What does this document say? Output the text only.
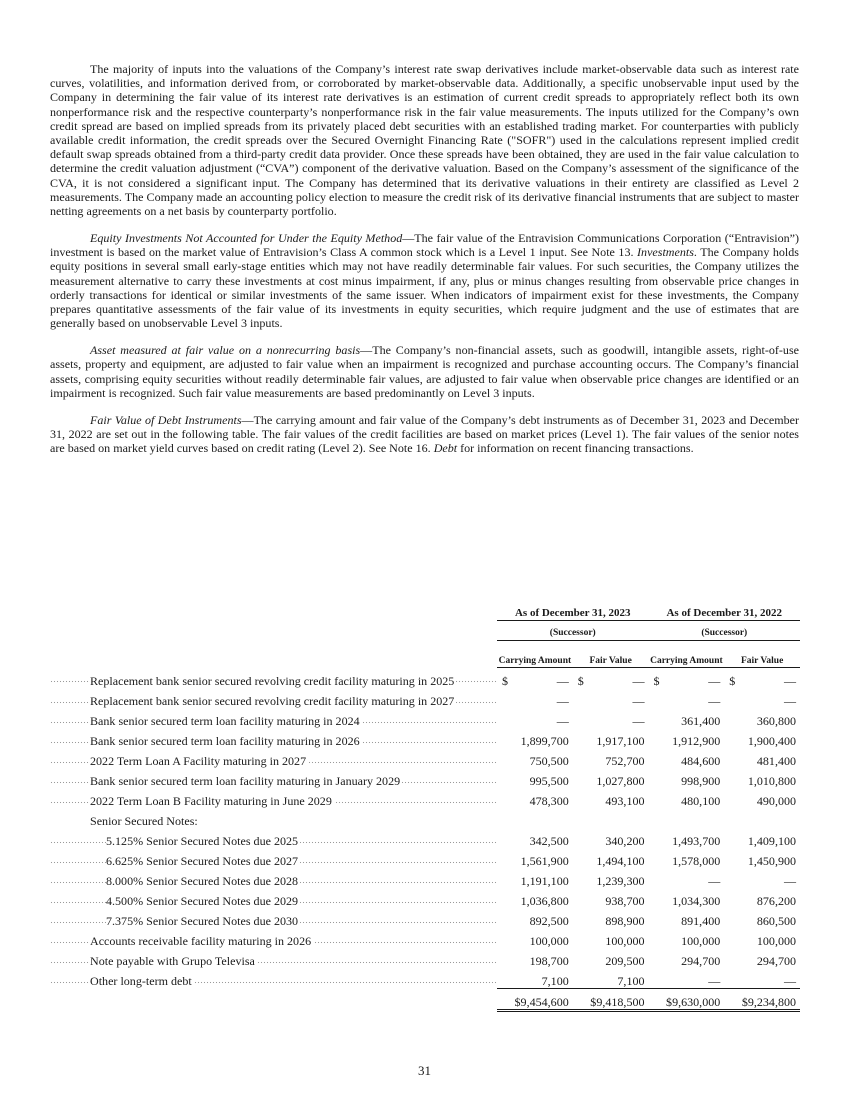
The majority of inputs into the valuations of the Company’s interest rate swap derivatives include market-observable data such as interest rate curves, volatilities, and information derived from, or corroborated by market-observable data. Additionally, a specific unobservable input used by the Company in determining the fair value of its interest rate derivatives is an estimation of current credit spreads to appropriately reflect both its own nonperformance risk and the respective counterparty’s nonperformance risk in the fair value measurements. The inputs utilized for the Company’s own credit spread are based on implied spreads from its privately placed debt securities with an established trading market. For counterparties with publicly available credit information, the credit spreads over the Secured Overnight Financing Rate ("SOFR") used in the calculations represent implied credit default swap spreads obtained from a third-party credit data provider. Once these spreads have been obtained, they are used in the fair value calculation to determine the credit valuation adjustment (“CVA”) component of the derivative valuation. Based on the Company’s assessment of the significance of the CVA, it is not considered a significant input. The Company has determined that its derivative valuations in their entirety are classified as Level 2 measurements. The Company made an accounting policy election to measure the credit risk of its derivative financial instruments that are subject to master netting agreements on a net basis by counterparty portfolio.

Equity Investments Not Accounted for Under the Equity Method—The fair value of the Entravision Communications Corporation (“Entravision”) investment is based on the market value of Entravision’s Class A common stock which is a Level 1 input. See Note 13. Investments. The Company holds equity positions in several small early-stage entities which may not have readily determinable fair values. For such securities, the Company utilizes the measurement alternative to carry these investments at cost minus impairment, if any, plus or minus changes resulting from observable price changes in orderly transactions for identical or similar investments of the same issuer. When indicators of impairment exist for these investments, the Company prepares quantitative assessments of the fair value of its investments in equity securities, which require judgment and the use of estimates that are generally based on unobservable Level 3 inputs.

Asset measured at fair value on a nonrecurring basis—The Company’s non-financial assets, such as goodwill, intangible assets, right-of-use assets, property and equipment, are adjusted to fair value when an impairment is recognized and purchase accounting occurs. The Company’s financial assets, comprising equity securities without readily determinable fair values, are adjusted to fair value when observable price changes are identified or an impairment is recognized. Such fair value measurements are based predominantly on Level 3 inputs.

Fair Value of Debt Instruments—The carrying amount and fair value of the Company’s debt instruments as of December 31, 2023 and December 31, 2022 are set out in the following table. The fair values of the credit facilities are based on market prices (Level 1). The fair values of the senior notes are based on market yield curves based on credit rating (Level 2). See Note 16. Debt for information on recent financing transactions.

	As of December 31, 2023		As of December 31, 2022	
	(Successor)		(Successor)	
	Carrying Amount	Fair Value	Carrying Amount	Fair Value
Replacement bank senior secured revolving credit facility maturing in 2025	$ —	$ —	$ —	$ —
Replacement bank senior secured revolving credit facility maturing in 2027	—	—	—	—
Bank senior secured term loan facility maturing in 2024	—	—	361,400	360,800
Bank senior secured term loan facility maturing in 2026	1,899,700	1,917,100	1,912,900	1,900,400
2022 Term Loan A Facility maturing in 2027	750,500	752,700	484,600	481,400
Bank senior secured term loan facility maturing in January 2029	995,500	1,027,800	998,900	1,010,800
2022 Term Loan B Facility maturing in June 2029	478,300	493,100	480,100	490,000
Senior Secured Notes:				
5.125% Senior Secured Notes due 2025	342,500	340,200	1,493,700	1,409,100
6.625% Senior Secured Notes due 2027	1,561,900	1,494,100	1,578,000	1,450,900
8.000% Senior Secured Notes due 2028	1,191,100	1,239,300	—	—
4.500% Senior Secured Notes due 2029	1,036,800	938,700	1,034,300	876,200
7.375% Senior Secured Notes due 2030	892,500	898,900	891,400	860,500
Accounts receivable facility maturing in 2026	100,000	100,000	100,000	100,000
Note payable with Grupo Televisa	198,700	209,500	294,700	294,700
Other long-term debt	7,100	7,100	—	—
	$9,454,600	$9,418,500	$9,630,000	$9,234,800
31
